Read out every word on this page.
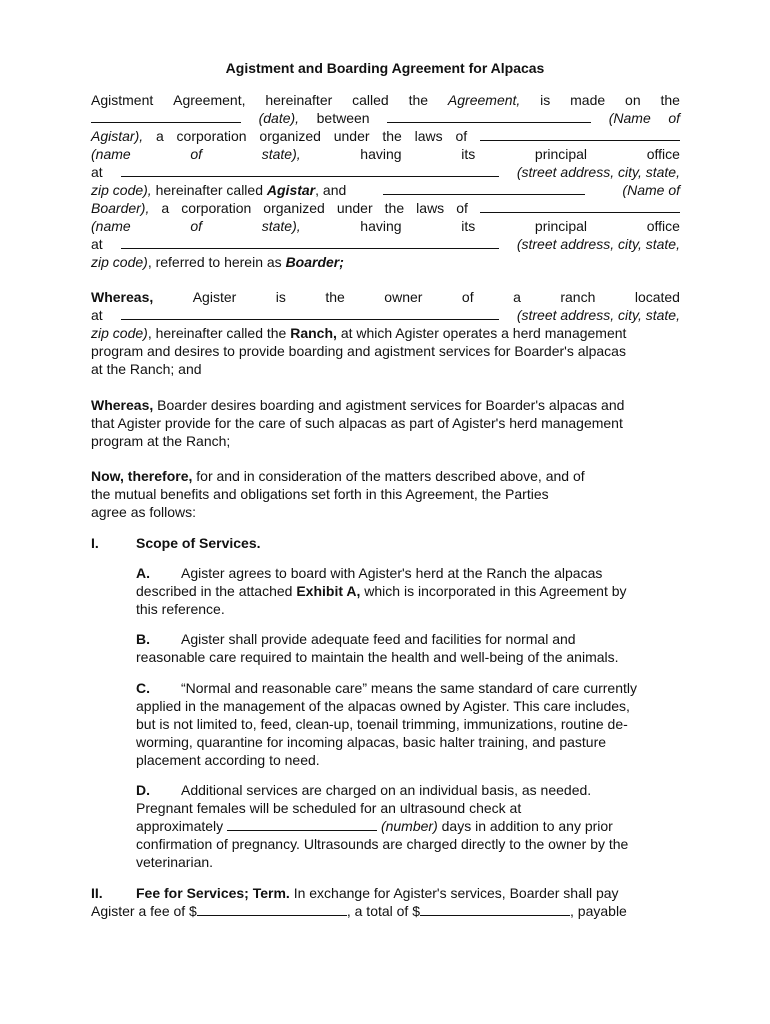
Agistment and Boarding Agreement for Alpacas
Agistment Agreement, hereinafter called the Agreement, is made on the
(date), between	(Name of
Agistar), a corporation organized under the laws of
(name	of	state),	having	its	principal	office
at	(street address, city, state,
zip code), hereinafter called Agistar, and	(Name of
Boarder), a corporation organized under the laws of
(name	of	state),	having	its	principal	office
at	(street address, city, state,
zip code), referred to herein as Boarder;
Whereas,	Agister	is	the	owner	of	a	ranch	located
at	(street address, city, state,
zip code), hereinafter called the Ranch, at which Agister operates a herd management
program and desires to provide boarding and agistment services for Boarder's alpacas
at the Ranch; and
Whereas, Boarder desires boarding and agistment services for Boarder's alpacas and
that Agister provide for the care of such alpacas as part of Agister's herd management
program at the Ranch;
Now, therefore, for and in consideration of the matters described above, and of
the mutual benefits and obligations set forth in this Agreement, the Parties
agree as follows:
I.	Scope of Services.
A. Agister agrees to board with Agister's herd at the Ranch the alpacas
described in the attached Exhibit A, which is incorporated in this Agreement by
this reference.
B. Agister shall provide adequate feed and facilities for normal and
reasonable care required to maintain the health and well-being of the animals.
C. “Normal and reasonable care” means the same standard of care currently
applied in the management of the alpacas owned by Agister. This care includes,
but is not limited to, feed, clean-up, toenail trimming, immunizations, routine de-
worming, quarantine for incoming alpacas, basic halter training, and pasture
placement according to need.
D. Additional services are charged on an individual basis, as needed.
Pregnant females will be scheduled for an ultrasound check at
approximately	(number) days in addition to any prior
confirmation of pregnancy. Ultrasounds are charged directly to the owner by the
veterinarian.
II. Fee for Services; Term. In exchange for Agister's services, Boarder shall pay
Agister a fee of $	, a total of $	, payable
